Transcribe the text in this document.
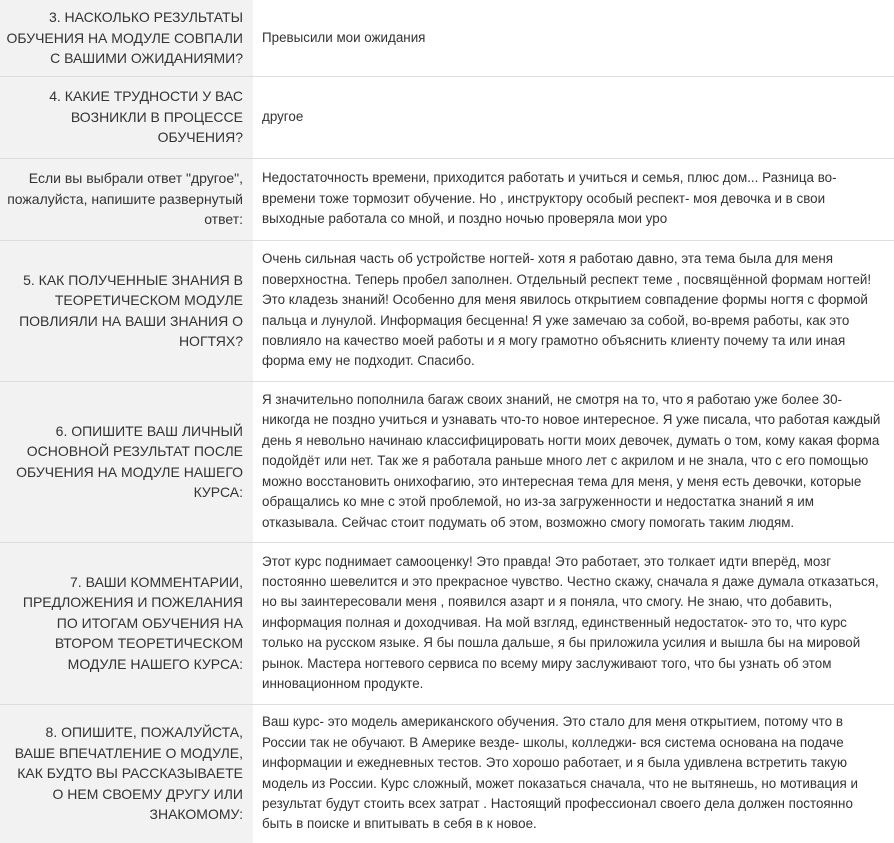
3. НАСКОЛЬКО РЕЗУЛЬТАТЫ ОБУЧЕНИЯ НА МОДУЛЕ СОВПАЛИ С ВАШИМИ ОЖИДАНИЯМИ?	Превысили мои ожидания
4. КАКИЕ ТРУДНОСТИ У ВАС ВОЗНИКЛИ В ПРОЦЕССЕ ОБУЧЕНИЯ?	другое
Если вы выбрали ответ "другое", пожалуйста, напишите развернутый ответ:	Недостаточность времени, приходится работать и учиться и семья, плюс дом... Разница во-времени тоже тормозит обучение. Но , инструктору особый респект- моя девочка и в свои выходные работала со мной, и поздно ночью проверяла мои уро
5. КАК ПОЛУЧЕННЫЕ ЗНАНИЯ В ТЕОРЕТИЧЕСКОМ МОДУЛЕ ПОВЛИЯЛИ НА ВАШИ ЗНАНИЯ О НОГТЯХ?	Очень сильная часть об устройстве ногтей- хотя я работаю давно, эта тема была для меня поверхностна. Теперь пробел заполнен. Отдельный респект теме , посвящённой формам ногтей! Это кладезь знаний! Особенно для меня явилось открытием совпадение формы ногтя с формой пальца и лунулой. Информация бесценна! Я уже замечаю за собой, во-время работы, как это повлияло на качество моей работы и я могу грамотно объяснить клиенту почему та или иная форма ему не подходит. Спасибо.
6. ОПИШИТЕ ВАШ ЛИЧНЫЙ ОСНОВНОЙ РЕЗУЛЬТАТ ПОСЛЕ ОБУЧЕНИЯ НА МОДУЛЕ НАШЕГО КУРСА:	Я значительно пополнила багаж своих знаний, не смотря на то, что я работаю уже более 30- никогда не поздно учиться и узнавать что-то новое интересное. Я уже писала, что работая каждый день я невольно начинаю классифицировать ногти моих девочек, думать о том, кому какая форма подойдёт или нет. Так же я работала раньше много лет с акрилом и не знала, что с его помощью можно восстановить онихофагию, это интересная тема для меня, у меня есть девочки, которые обращались ко мне с этой проблемой, но из-за загруженности и недостатка знаний я им отказывала. Сейчас стоит подумать об этом, возможно смогу помогать таким людям.
7. ВАШИ КОММЕНТАРИИ, ПРЕДЛОЖЕНИЯ И ПОЖЕЛАНИЯ ПО ИТОГАМ ОБУЧЕНИЯ НА ВТОРОМ ТЕОРЕТИЧЕСКОМ МОДУЛЕ НАШЕГО КУРСА:	Этот курс поднимает самооценку! Это правда! Это работает, это толкает идти вперёд, мозг постоянно шевелится и это прекрасное чувство. Честно скажу, сначала я даже думала отказаться, но вы заинтересовали меня , появился азарт и я поняла, что смогу. Не знаю, что добавить, информация полная и доходчивая. На мой взгляд, единственный недостаток- это то, что курс только на русском языке. Я бы пошла дальше, я бы приложила усилия и вышла бы на мировой рынок. Мастера ногтевого сервиса по всему миру заслуживают того, что бы узнать об этом инновационном продукте.
8. ОПИШИТЕ, ПОЖАЛУЙСТА, ВАШЕ ВПЕЧАТЛЕНИЕ О МОДУЛЕ, КАК БУДТО ВЫ РАССКАЗЫВАЕТЕ О НЕМ СВОЕМУ ДРУГУ ИЛИ ЗНАКОМОМУ:	Ваш курс- это модель американского обучения. Это стало для меня открытием, потому что в России так не обучают. В Америке везде- школы, колледжи- вся система основана на подаче информации и ежедневных тестов. Это хорошо работает, и я была удивлена встретить такую модель из России. Курс сложный, может показаться сначала, что не вытянешь, но мотивация и результат будут стоить всех затрат . Настоящий профессионал своего дела должен постоянно быть в поиске и впитывать в себя в к новое.
